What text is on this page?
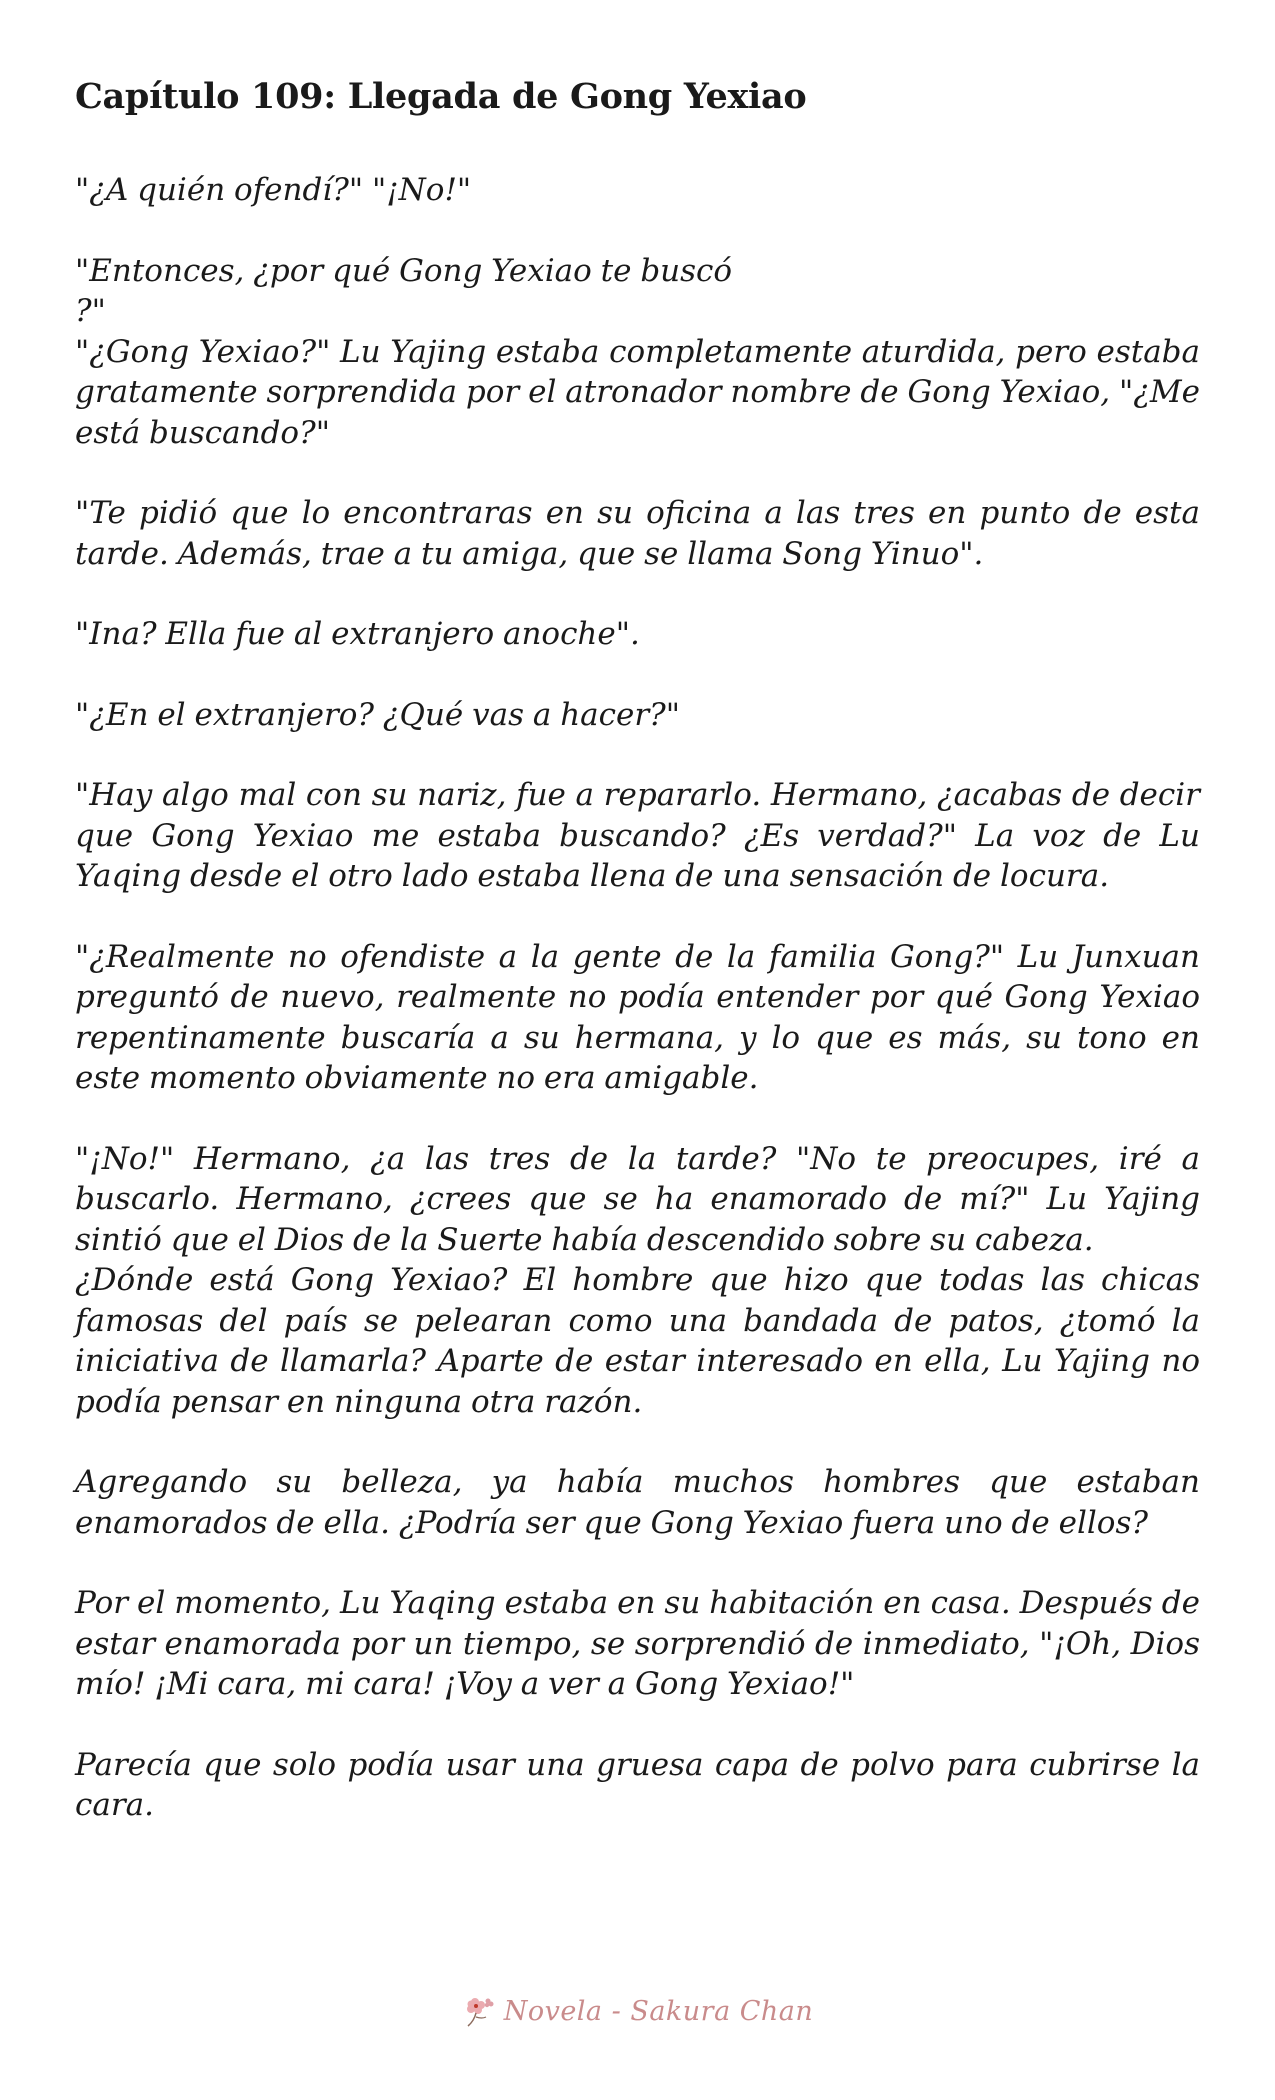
Capítulo 109: Llegada de Gong Yexiao

"¿A quién ofendí?" "¡No!"

"Entonces, ¿por qué Gong Yexiao te buscó
?"
"¿Gong Yexiao?" Lu Yajing estaba completamente aturdida, pero estaba gratamente sorprendida por el atronador nombre de Gong Yexiao, "¿Me está buscando?"

"Te pidió que lo encontraras en su oficina a las tres en punto de esta tarde. Además, trae a tu amiga, que se llama Song Yinuo".

"Ina? Ella fue al extranjero anoche".

"¿En el extranjero? ¿Qué vas a hacer?"

"Hay algo mal con su nariz, fue a repararlo. Hermano, ¿acabas de decir que Gong Yexiao me estaba buscando? ¿Es verdad?" La voz de Lu Yaqing desde el otro lado estaba llena de una sensación de locura.

"¿Realmente no ofendiste a la gente de la familia Gong?" Lu Junxuan preguntó de nuevo, realmente no podía entender por qué Gong Yexiao repentinamente buscaría a su hermana, y lo que es más, su tono en este momento obviamente no era amigable.

"¡No!" Hermano, ¿a las tres de la tarde? "No te preocupes, iré a buscarlo. Hermano, ¿crees que se ha enamorado de mí?" Lu Yajing sintió que el Dios de la Suerte había descendido sobre su cabeza.
¿Dónde está Gong Yexiao? El hombre que hizo que todas las chicas famosas del país se pelearan como una bandada de patos, ¿tomó la iniciativa de llamarla? Aparte de estar interesado en ella, Lu Yajing no podía pensar en ninguna otra razón.

Agregando su belleza, ya había muchos hombres que estaban enamorados de ella. ¿Podría ser que Gong Yexiao fuera uno de ellos?

Por el momento, Lu Yaqing estaba en su habitación en casa. Después de estar enamorada por un tiempo, se sorprendió de inmediato, "¡Oh, Dios mío! ¡Mi cara, mi cara! ¡Voy a ver a Gong Yexiao!"

Parecía que solo podía usar una gruesa capa de polvo para cubrirse la cara.

Novela - Sakura Chan
